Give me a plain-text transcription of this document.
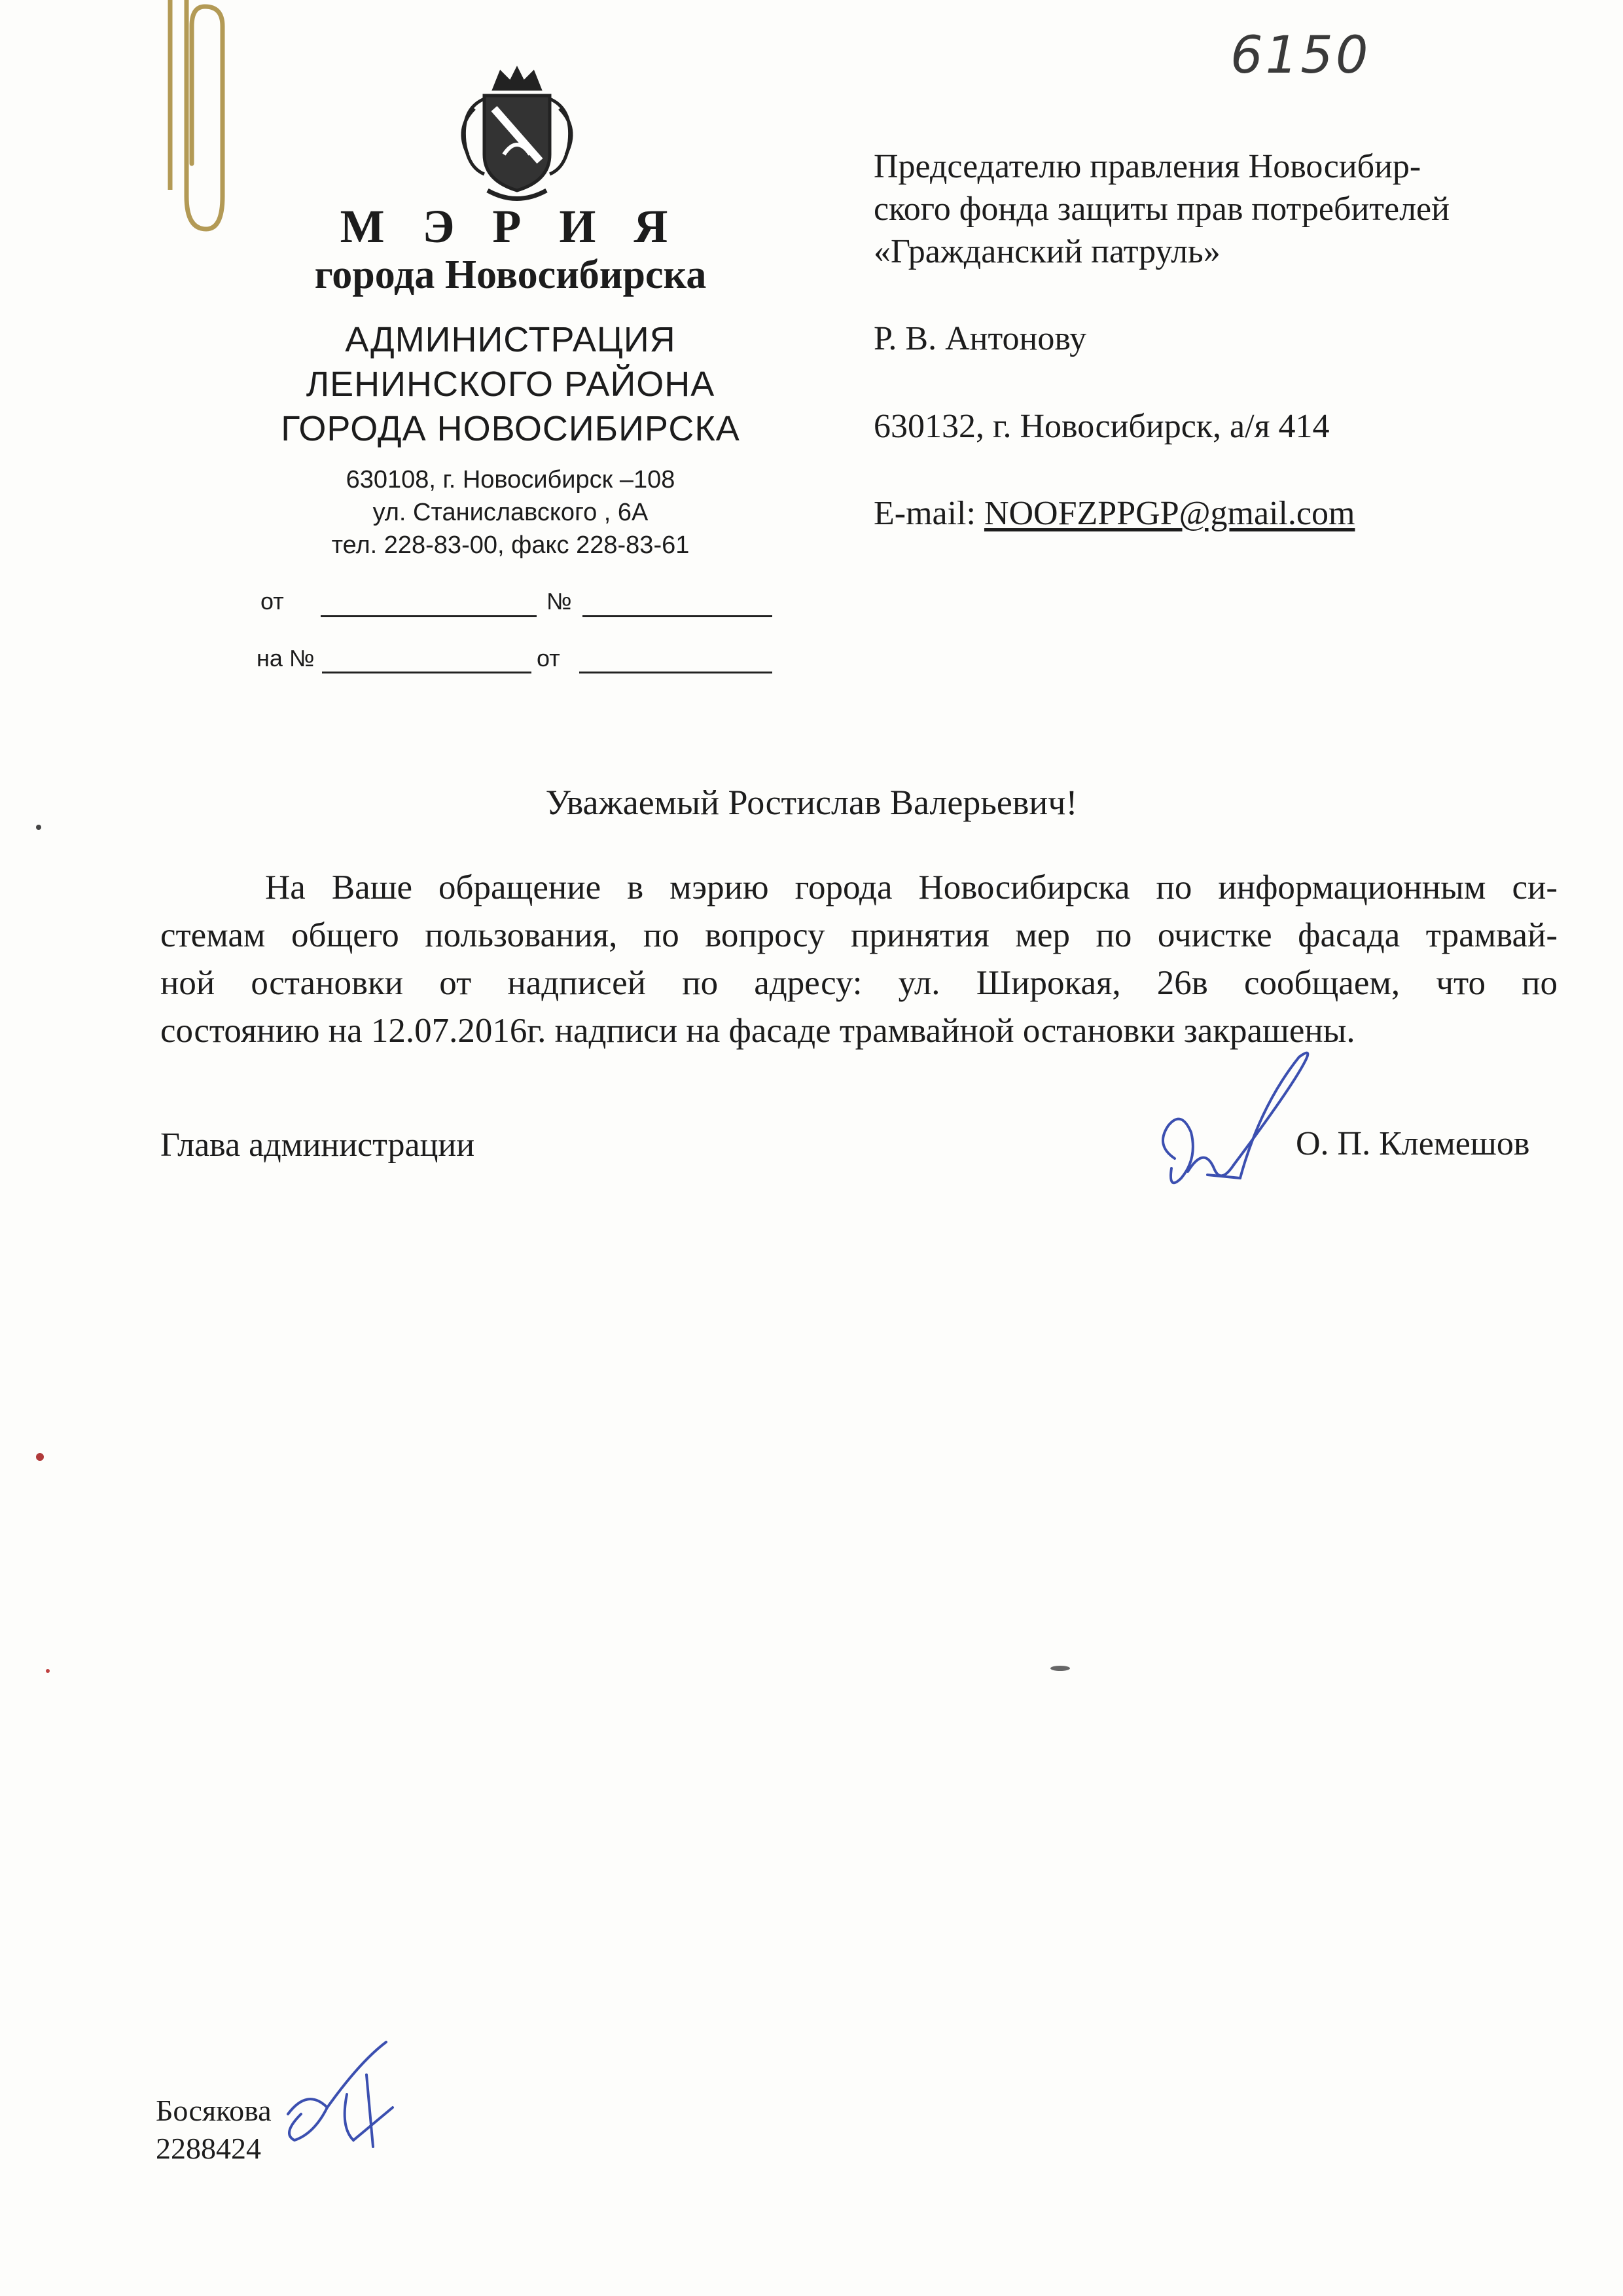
6150
М Э Р И Я
города Новосибирска
АДМИНИСТРАЦИЯ
ЛЕНИНСКОГО РАЙОНА
ГОРОДА НОВОСИБИРСКА
630108, г. Новосибирск –108
ул. Станиславского , 6А
тел. 228-83-00, факс 228-83-61
от	№
на №	от
Председателю правления Новосибир-
ского фонда защиты прав потребителей
«Гражданский патруль»
Р. В. Антонову
630132, г. Новосибирск, а/я 414
E-mail: NOOFZPPGP@gmail.com
Уважаемый Ростислав Валерьевич!
На Ваше обращение в мэрию города Новосибирска по информационным си-
стемам общего пользования, по вопросу принятия мер по очистке фасада трамвай-
ной остановки от надписей по адресу: ул. Широкая, 26в сообщаем, что по
состоянию на 12.07.2016г. надписи на фасаде трамвайной остановки закрашены.
Глава администрации	О. П. Клемешов
Босякова
2288424
